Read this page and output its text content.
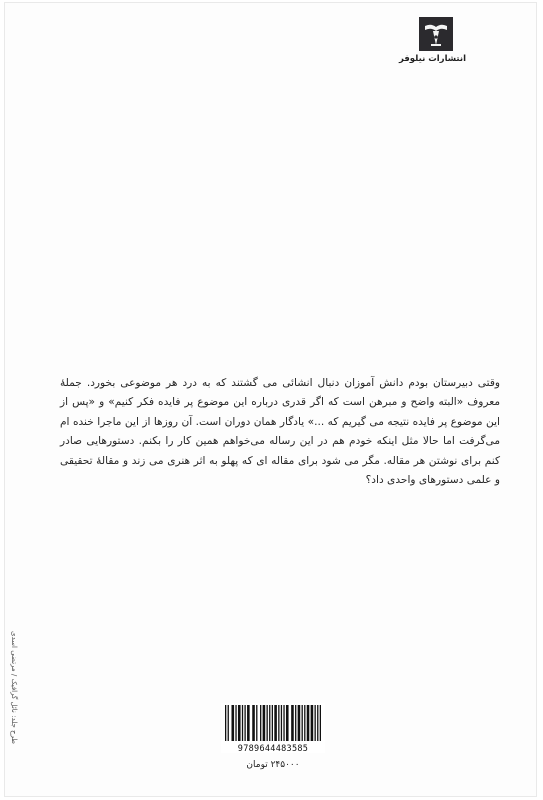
انتشارات نیلوفر

وقتی دبیرستان بودم دانش آموزان دنبال انشائی می گشتند که به درد هر موضوعی بخورد. جملهٔ معروف «البته واضح و مبرهن است که اگر قدری درباره این موضوع پر فایده فکر کنیم» و «پس از این موضوع پر فایده نتیجه می گیریم که ...» یادگار همان دوران است. آن روزها از این ماجرا خنده ام می‌گرفت اما حالا مثل اینکه خودم هم در این رساله می‌خواهم همین کار را بکنم. دستورهایی صادر کنم برای نوشتن هر مقاله. مگر می شود برای مقاله ای که پهلو به اثر هنری می زند و مقالهٔ تحقیقی و علمی دستورهای واحدی داد؟

طرح جلد: نائل گرافیک / مرتضی اسدی
9789644483585
۲۴۵۰۰۰ تومان
